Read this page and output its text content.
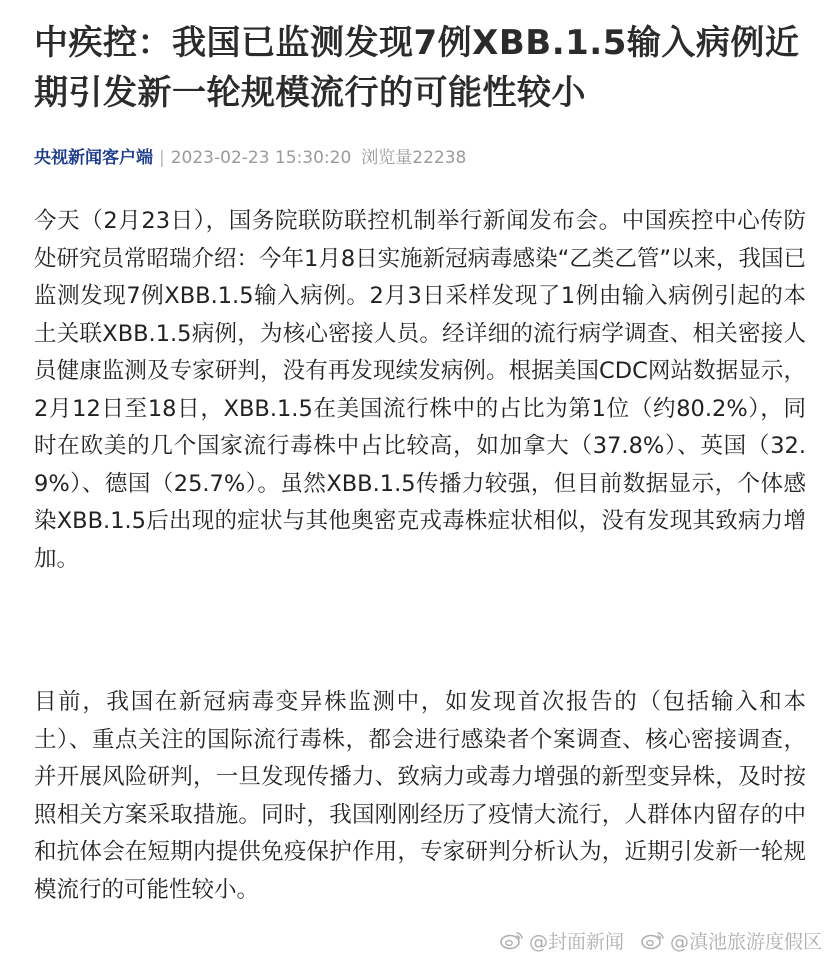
中疾控：我国已监测发现7例XBB.1.5输入病例近期引发新一轮规模流行的可能性较小
央视新闻客户端 | 2023-02-23 15:30:20 浏览量22238

今天（2月23日），国务院联防联控机制举行新闻发布会。中国疾控中心传防处研究员常昭瑞介绍：今年1月8日实施新冠病毒感染“乙类乙管”以来，我国已监测发现7例XBB.1.5输入病例。2月3日采样发现了1例由输入病例引起的本土关联XBB.1.5病例，为核心密接人员。经详细的流行病学调查、相关密接人员健康监测及专家研判，没有再发现续发病例。根据美国CDC网站数据显示，2月12日至18日，XBB.1.5在美国流行株中的占比为第1位（约80.2%），同时在欧美的几个国家流行毒株中占比较高，如加拿大（37.8%）、英国（32.9%）、德国（25.7%）。虽然XBB.1.5传播力较强，但目前数据显示，个体感染XBB.1.5后出现的症状与其他奥密克戎毒株症状相似，没有发现其致病力增加。

目前，我国在新冠病毒变异株监测中，如发现首次报告的（包括输入和本土）、重点关注的国际流行毒株，都会进行感染者个案调查、核心密接调查，并开展风险研判，一旦发现传播力、致病力或毒力增强的新型变异株，及时按照相关方案采取措施。同时，我国刚刚经历了疫情大流行，人群体内留存的中和抗体会在短期内提供免疫保护作用，专家研判分析认为，近期引发新一轮规模流行的可能性较小。

@封面新闻 @滇池旅游度假区
